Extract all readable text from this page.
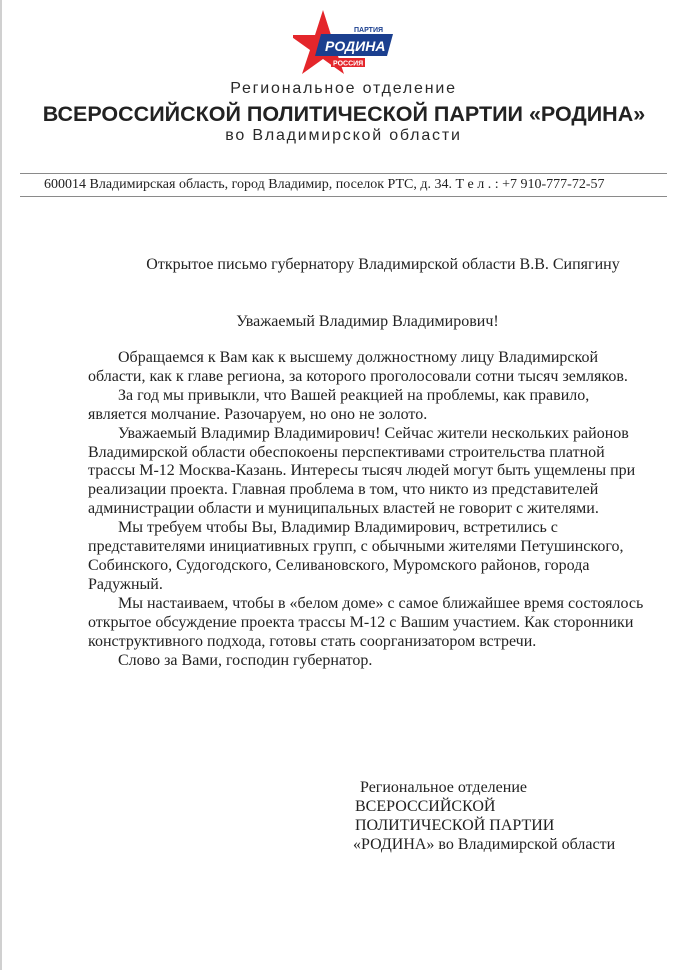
ПАРТИЯ
РОДИНА
РОССИЯ
Региональное отделение
ВСЕРОССИЙСКОЙ ПОЛИТИЧЕСКОЙ ПАРТИИ «РОДИНА»
во Владимирской области
600014 Владимирская область, город Владимир, поселок РТС, д. 34. Т е л . : +7 910-777-72-57
Открытое письмо губернатору Владимирской области В.В. Сипягину
Уважаемый Владимир Владимирович!

Обращаемся к Вам как к высшему должностному лицу Владимирской области, как к главе региона, за которого проголосовали сотни тысяч земляков.

За год мы привыкли, что Вашей реакцией на проблемы, как правило, является молчание. Разочаруем, но оно не золото.

Уважаемый Владимир Владимирович! Сейчас жители нескольких районов Владимирской области обеспокоены перспективами строительства платной трассы М-12 Москва-Казань. Интересы тысяч людей могут быть ущемлены при реализации проекта. Главная проблема в том, что никто из представителей администрации области и муниципальных властей не говорит с жителями.

Мы требуем чтобы Вы, Владимир Владимирович, встретились с представителями инициативных групп, с обычными жителями Петушинского, Собинского, Судогодского, Селивановского, Муромского районов, города Радужный.

Мы настаиваем, чтобы в «белом доме» с самое ближайшее время состоялось открытое обсуждение проекта трассы М-12 с Вашим участием. Как сторонники конструктивного подхода, готовы стать соорганизатором встречи.

Слово за Вами, господин губернатор.

Региональное отделение
ВСЕРОССИЙСКОЙ
ПОЛИТИЧЕСКОЙ ПАРТИИ
«РОДИНА» во Владимирской области
